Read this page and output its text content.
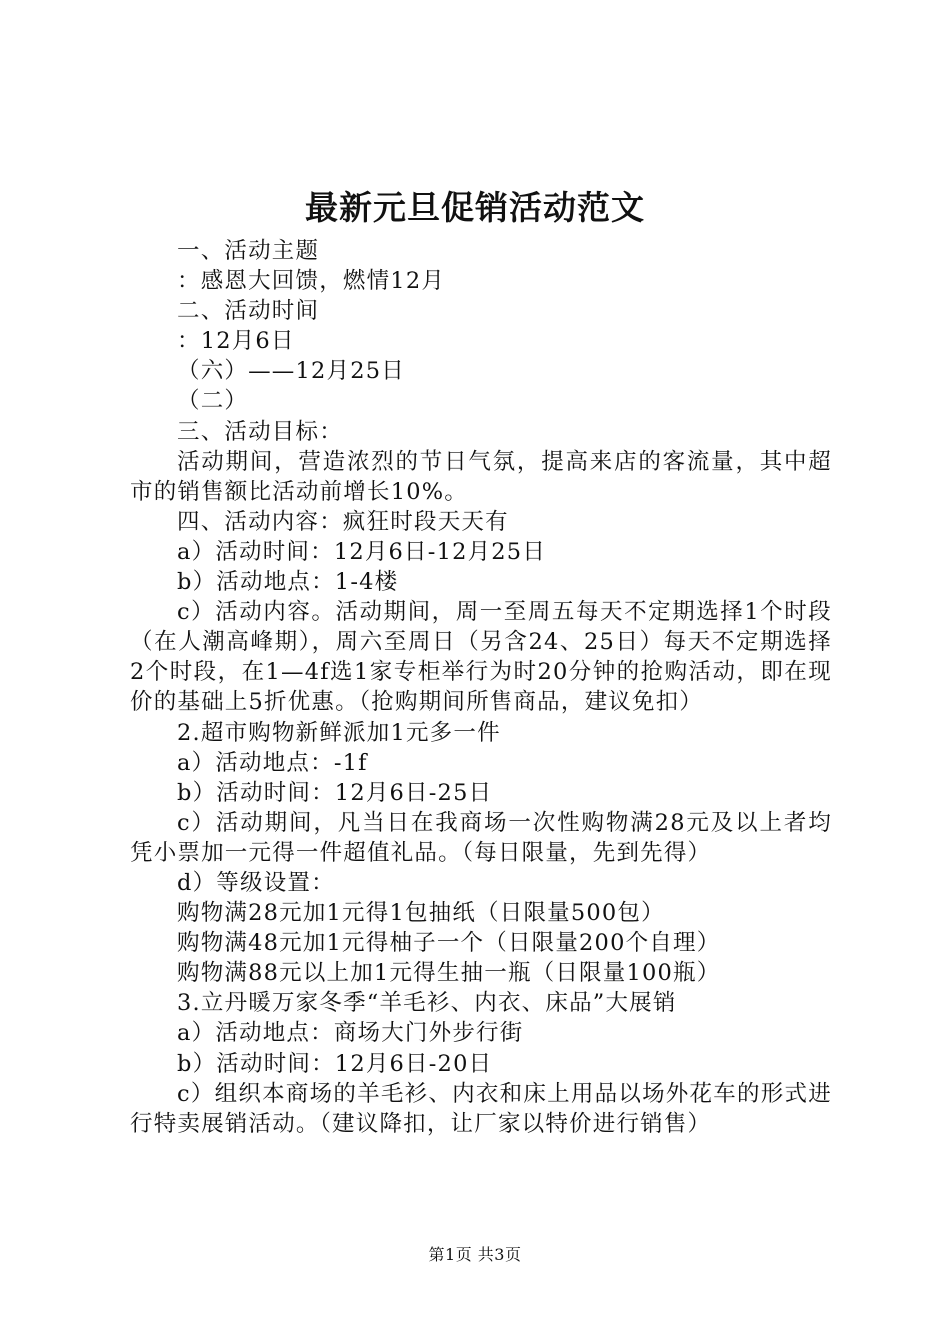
最新元旦促销活动范文

一、活动主题

：感恩大回馈，燃情12月

二、活动时间

：12月6日

（六）——12月25日

（二）

三、活动目标：

活动期间，营造浓烈的节日气氛，提高来店的客流量，其中超市的销售额比活动前增长10%。

四、活动内容：疯狂时段天天有

a）活动时间：12月6日-12月25日

b）活动地点：1-4楼

c）活动内容。活动期间，周一至周五每天不定期选择1个时段（在人潮高峰期），周六至周日（另含24、25日）每天不定期选择2个时段，在1—4f选1家专柜举行为时20分钟的抢购活动，即在现价的基础上5折优惠。（抢购期间所售商品，建议免扣）

2.超市购物新鲜派加1元多一件

a）活动地点：-1f

b）活动时间：12月6日-25日

c）活动期间，凡当日在我商场一次性购物满28元及以上者均凭小票加一元得一件超值礼品。（每日限量，先到先得）

d）等级设置：

购物满28元加1元得1包抽纸（日限量500包）

购物满48元加1元得柚子一个（日限量200个自理）

购物满88元以上加1元得生抽一瓶（日限量100瓶）

3.立丹暖万家冬季“羊毛衫、内衣、床品”大展销

a）活动地点：商场大门外步行街

b）活动时间：12月6日-20日

c）组织本商场的羊毛衫、内衣和床上用品以场外花车的形式进行特卖展销活动。（建议降扣，让厂家以特价进行销售）

第1页 共3页
